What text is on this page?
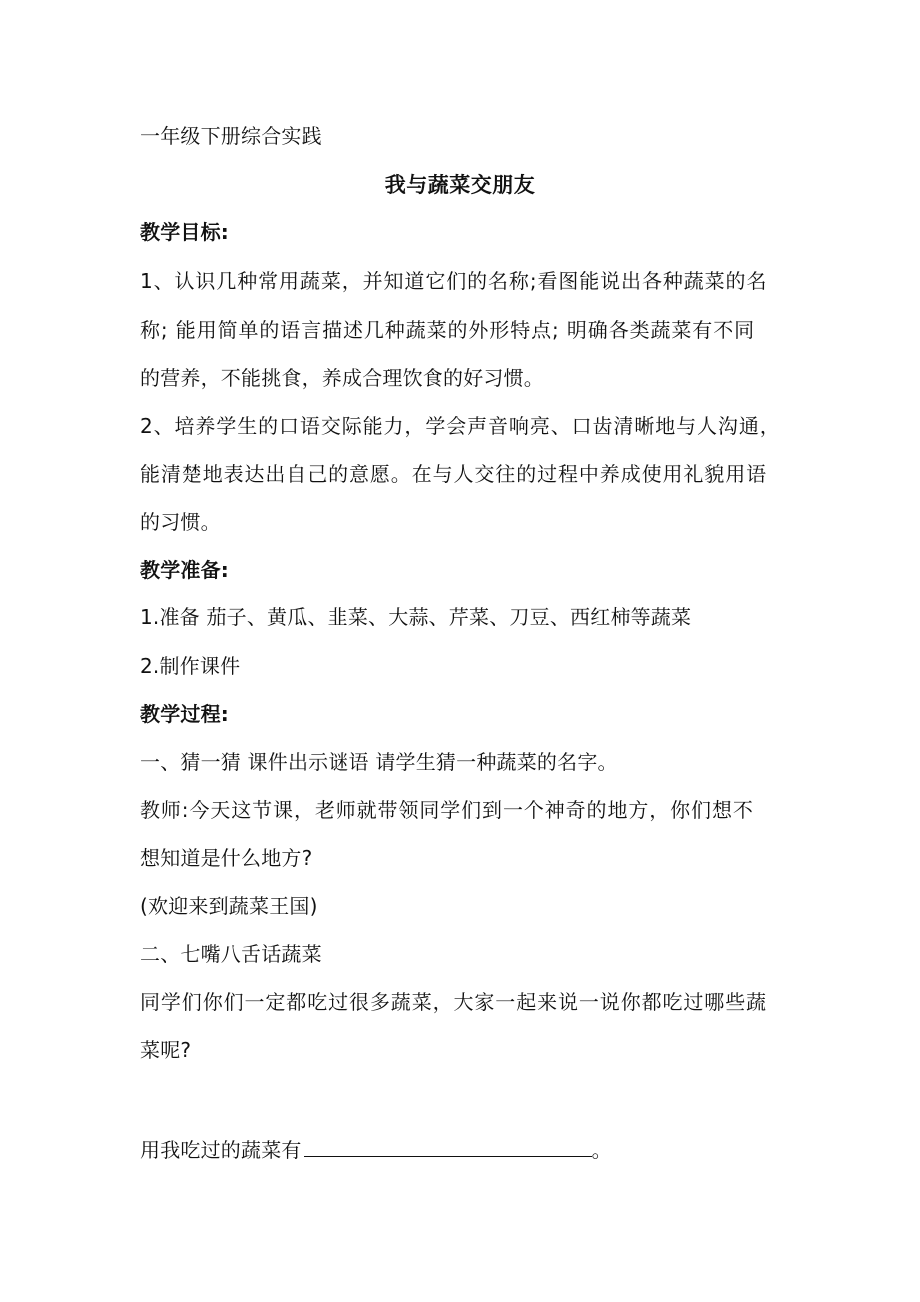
一年级下册综合实践
我与蔬菜交朋友
教学目标:
1、认识几种常用蔬菜，并知道它们的名称;看图能说出各种蔬菜的名
称; 能用简单的语言描述几种蔬菜的外形特点; 明确各类蔬菜有不同
的营养，不能挑食，养成合理饮食的好习惯。
2、培养学生的口语交际能力，学会声音响亮、口齿清晰地与人沟通，
能清楚地表达出自己的意愿。在与人交往的过程中养成使用礼貌用语
的习惯。
教学准备:
1.准备 茄子、黄瓜、韭菜、大蒜、芹菜、刀豆、西红柿等蔬菜
2.制作课件
教学过程:
一、猜一猜 课件出示谜语 请学生猜一种蔬菜的名字。
教师:今天这节课，老师就带领同学们到一个神奇的地方，你们想不
想知道是什么地方?
(欢迎来到蔬菜王国)
二、七嘴八舌话蔬菜
同学们你们一定都吃过很多蔬菜，大家一起来说一说你都吃过哪些蔬
菜呢?
用我吃过的蔬菜有	。
